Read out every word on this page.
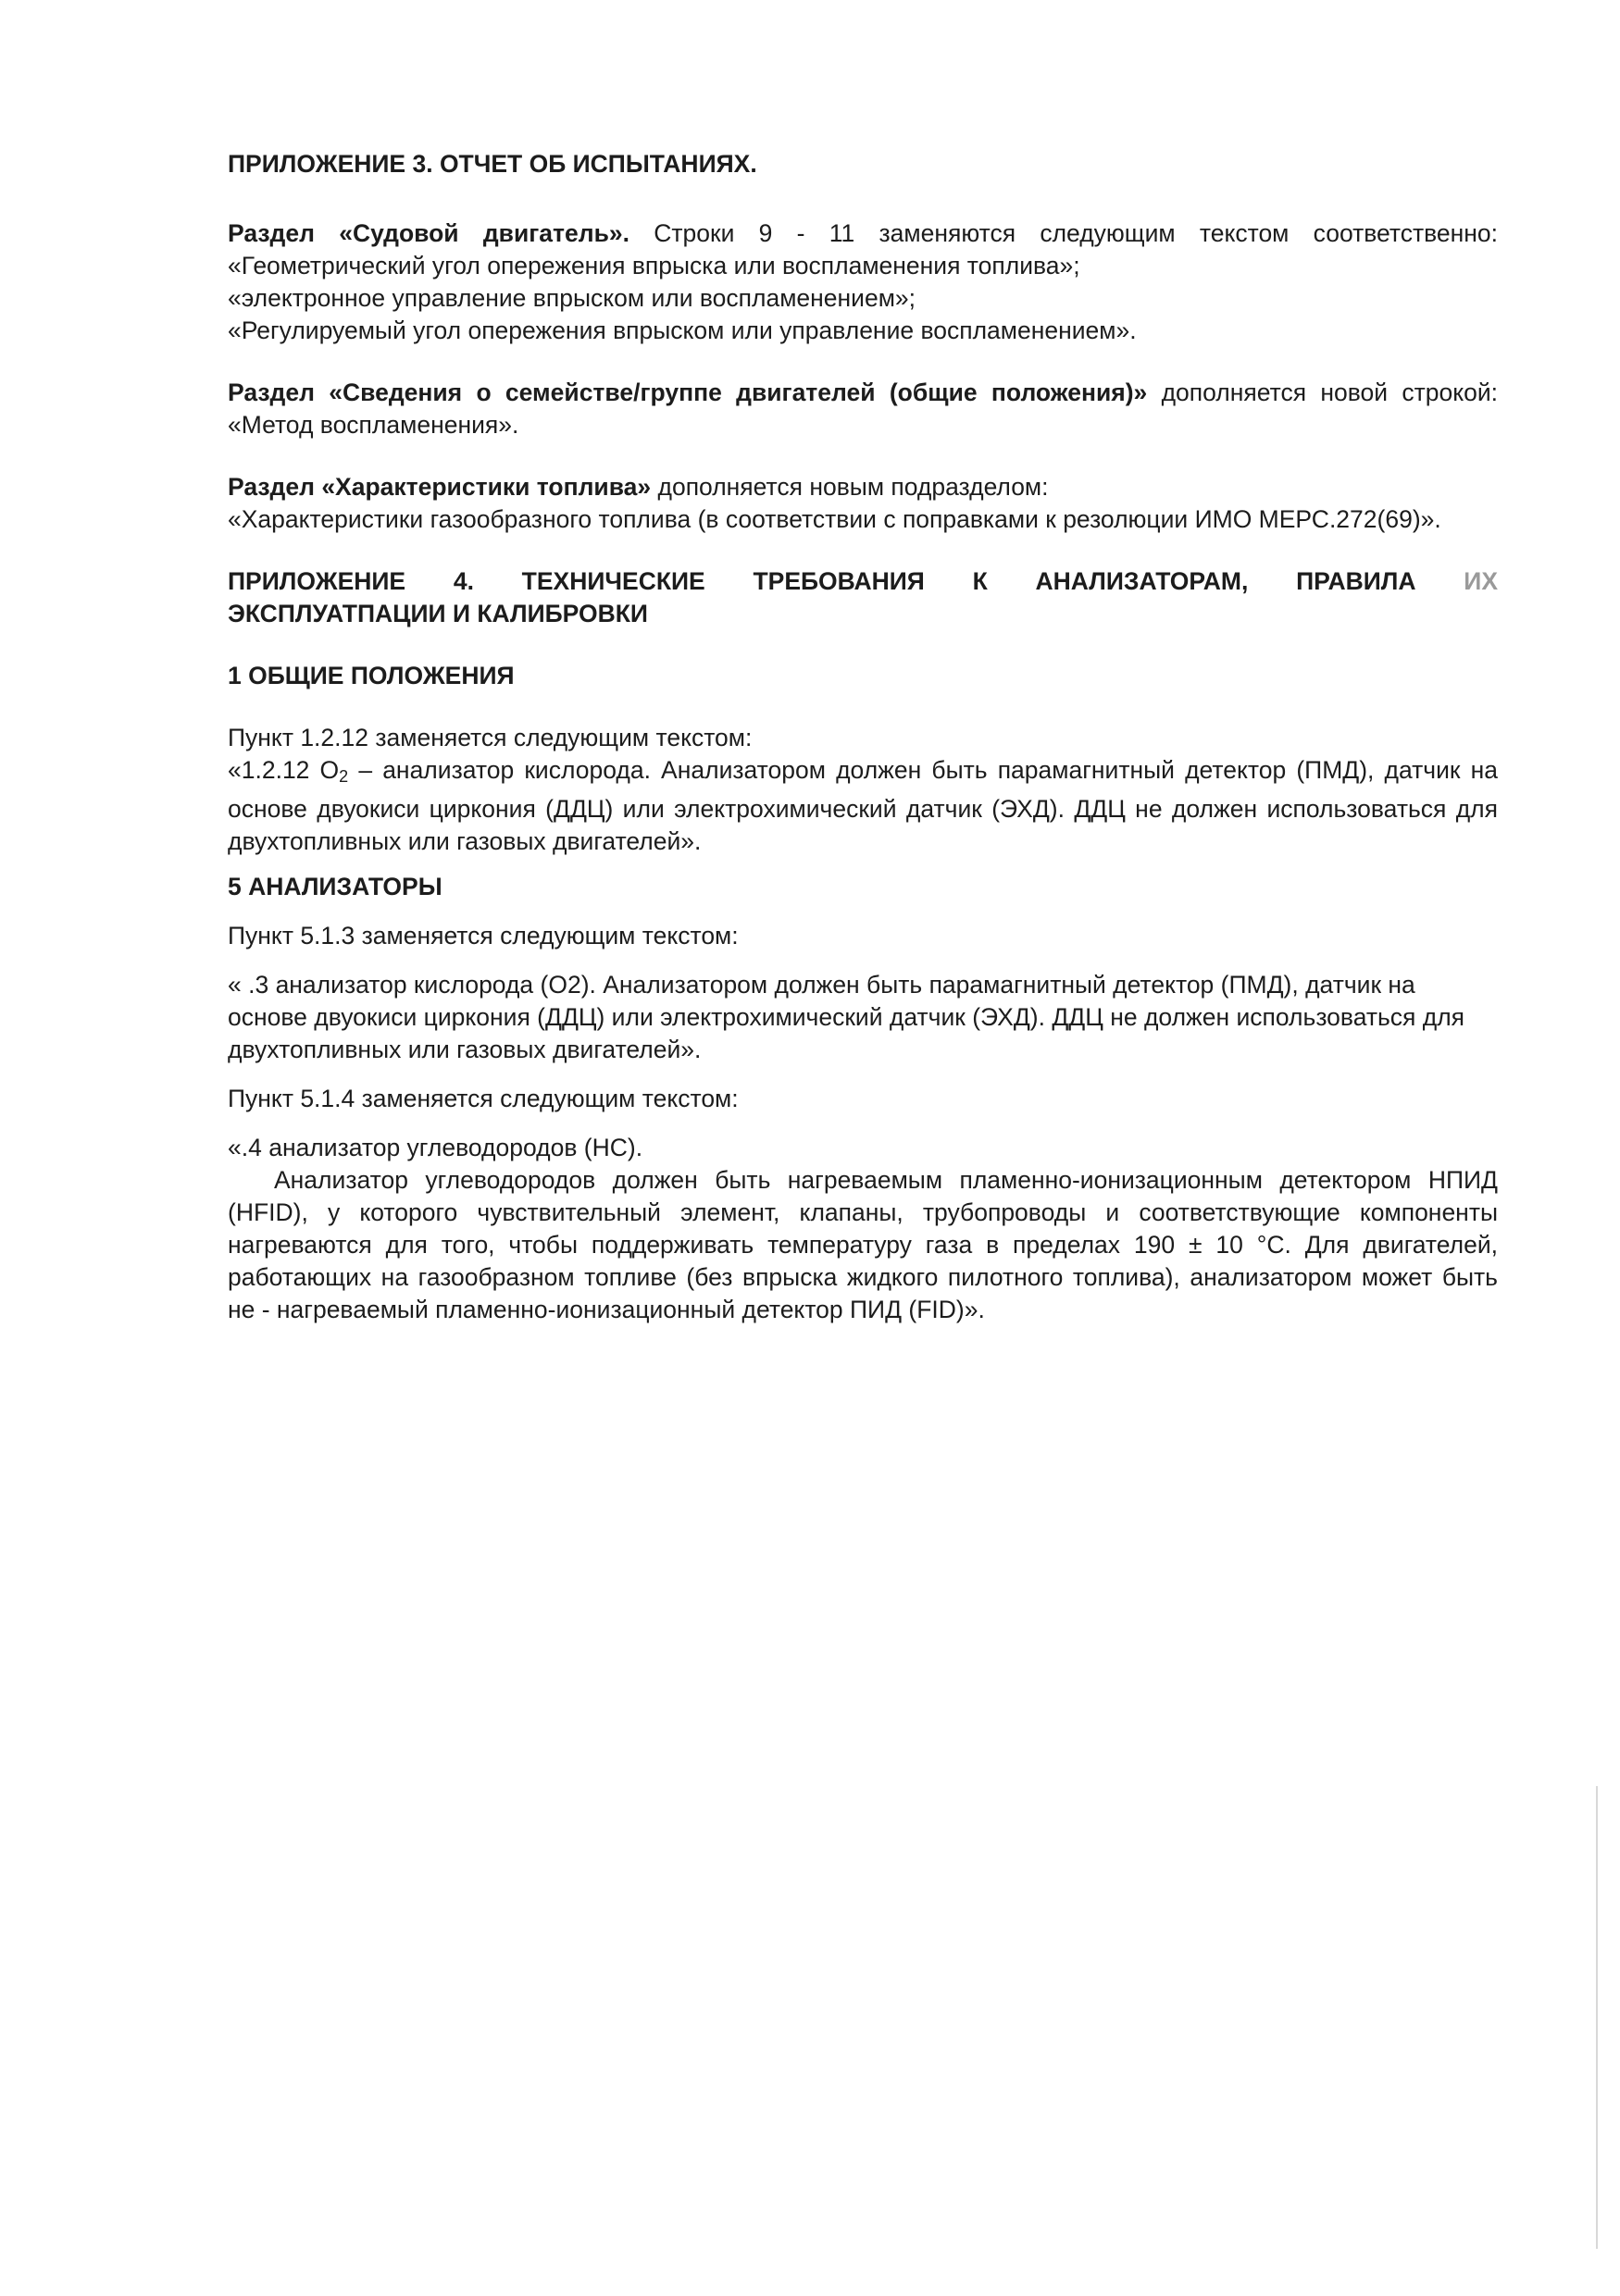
ПРИЛОЖЕНИЕ 3. ОТЧЕТ ОБ ИСПЫТАНИЯХ.

Раздел «Судовой двигатель». Строки 9 - 11 заменяются следующим текстом соответственно:

«Геометрический угол опережения впрыска или воспламенения топлива»;

«электронное управление впрыском или воспламенением»;

«Регулируемый угол опережения впрыском или управление воспламенением».

Раздел «Сведения о семействе/группе двигателей (общие положения)» дополняется новой строкой: «Метод воспламенения».

Раздел «Характеристики топлива» дополняется новым подразделом:

«Характеристики газообразного топлива (в соответствии с поправками к резолюции ИМО МЕРС.272(69)».

ПРИЛОЖЕНИЕ 4. ТЕХНИЧЕСКИЕ ТРЕБОВАНИЯ К АНАЛИЗАТОРАМ, ПРАВИЛА ИХ

ЭКСПЛУАТПАЦИИ И КАЛИБРОВКИ

1 ОБЩИЕ ПОЛОЖЕНИЯ

Пункт 1.2.12 заменяется следующим текстом:

«1.2.12 $O_2$ – анализатор кислорода. Анализатором должен быть парамагнитный детектор (ПМД), датчик на основе двуокиси циркония (ДДЦ) или электрохимический датчик (ЭХД). ДДЦ не должен использоваться для двухтопливных или газовых двигателей».

5 АНАЛИЗАТОРЫ

Пункт 5.1.3 заменяется следующим текстом:

« .3 анализатор кислорода (O2). Анализатором должен быть парамагнитный детектор (ПМД), датчик на основе двуокиси циркония (ДДЦ) или электрохимический датчик (ЭХД). ДДЦ не должен использоваться для двухтопливных или газовых двигателей».

Пункт 5.1.4 заменяется следующим текстом:

«.4 анализатор углеводородов (HC).

Анализатор углеводородов должен быть нагреваемым пламенно-ионизационным детектором НПИД (HFID), у которого чувствительный элемент, клапаны, трубопроводы и соответствующие компоненты нагреваются для того, чтобы поддерживать температуру газа в пределах 190 ± 10 °С. Для двигателей, работающих на газообразном топливе (без впрыска жидкого пилотного топлива), анализатором может быть не - нагреваемый пламенно-ионизационный детектор ПИД (FID)».
